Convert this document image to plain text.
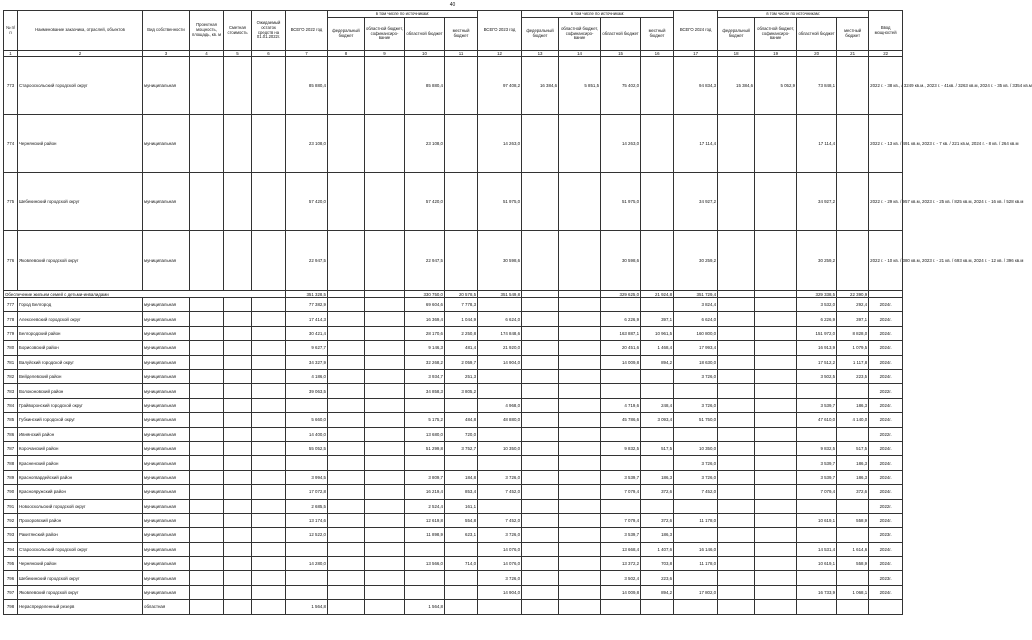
40
№ п/п	Наименование заказчика, отраслей, объектов	Вид собственности	Проектная мощность, площадь, кв. м	Сметная стоимость	Ожидаемый остаток средств на 01.01.2022г.	ВСЕГО 2022 год	в том числе по источникам:				ВСЕГО 2023 год	в том числе по источникам:				ВСЕГО 2024 год	в том числе по источникам:				Ввод мощностей
							федеральный бюджет	областной бюджет, софинансиро-вание	областной бюджет	местный бюджет		федеральный бюджет	областной бюджет, софинансиро-вание	областной бюджет	местный бюджет		федеральный бюджет	областной бюджет, софинансиро-вание	областной бюджет	местный бюджет	
1	2	3	4	5	6	7	8	9	10	11	12	13	14	15	16	17	18	19	20	21	22
773	Старооскольский городской округ	муниципальная				85 880,4			85 880,4		97 408,2	16 384,6	5 851,5	75 402,0		94 834,3	15 384,6	5 052,9	73 848,1		2022 г. - 38 кв., / 3249 кв.м., 2023 г. - 41кв. / 3263 кв.м, 2024 г. - 35 кв. / 3354 кв.м
774	Чернянский район	муниципальная				23 108,0			23 108,0		14 263,0			14 263,0		17 114,4			17 114,4		2022 г. - 13 кв. / 491 кв.м, 2023 г. - 7 кв. / 221 кв.м, 2024 г. - 8 кв. / 264 кв.м
775	Шебекинский городской округ	муниципальная				57 420,0			57 420,0		51 975,0			51 975,0		34 927,2			34 927,2		2022 г. - 29 кв. / 957 кв.м, 2023 г. - 25 кв. / 825 кв.м, 2024 г. - 16 кв. / 528 кв.м
776	Яковлевский городской округ	муниципальная				22 947,5			22 947,5		30 598,6			30 598,6		30 259,2			30 259,2		2022 г. - 10 кв. / 380 кв.м, 2023 г. - 21 кв. / 693 кв.м, 2024 г. - 12 кв. / 396 кв.м
Обеспечение жильем семей с детьми-инвалидами						351 328,5			330 750,0	20 578,5	351 549,8			329 625,0	21 924,8	351 729,4			329 338,5	22 390,9	
777	Город Белгород	муниципальная				77 382,9			69 604,6	7 778,3						3 824,4			3 532,0	292,4	2024г.
778	Алексеевский городской округ	муниципальная				17 414,3			16 369,4	1 044,9	6 624,0			6 226,9	397,1	6 624,0			6 226,9	397,1	2024г.
779	Белгородский район	муниципальная				30 421,4			28 170,6	2 250,8	174 848,6			163 887,1	10 961,5	160 800,0			151 972,0	8 828,0	2024г.
780	Борисовский район	муниципальная				9 627,7			9 146,3	481,4	21 920,0			20 451,6	1 468,4	17 993,4			16 913,9	1 079,5	2024г.
781	Валуйский городской округ	муниципальная				34 327,9			32 268,2	2 059,7	14 904,0			14 009,8	894,2	18 630,0			17 512,2	1 117,8	2024г.
782	Вейделевский район	муниципальная				4 186,0			3 934,7	251,3						3 726,0			3 502,5	223,5	2024г.
783	Волоконовский район	муниципальная				39 063,5			34 858,3	3 805,2											2022г.
784	Грайворонский городской округ	муниципальная									4 968,0			4 719,6	248,4	3 726,0			3 539,7	186,3	2024г.
785	Губкинский городской округ	муниципальная				5 660,0			5 175,2	484,8	48 880,0			45 786,6	3 093,4	51 750,0			47 610,0	4 140,0	2024г.
786	Ивнянский район	муниципальная				14 400,0			13 680,0	720,0											2022г.
787	Корочанский район	муниципальная				55 052,5			51 299,8	3 752,7	10 350,0			9 832,5	517,5	10 350,0			9 832,5	517,5	2024г.
788	Красненский район	муниципальная														3 726,0			3 539,7	186,3	2024г.
789	Красногвардейский район	муниципальная				3 994,5			3 809,7	184,8	3 726,0			3 539,7	186,3	3 726,0			3 539,7	186,3	2024г.
790	Краснояружский район	муниципальная				17 072,8			16 219,4	853,4	7 452,0			7 079,4	372,6	7 452,0			7 079,4	372,6	2024г.
791	Новооскольский городской округ	муниципальная				2 685,5			2 524,4	161,1											2022г.
792	Прохоровский район	муниципальная				13 174,6			12 619,8	554,8	7 452,0			7 079,4	372,6	11 178,0			10 619,1	558,9	2024г.
793	Ракитянский район	муниципальная				12 522,0			11 898,9	623,1	3 726,0			3 539,7	186,3						2023г.
794	Старооскольский городской округ	муниципальная									14 076,0			13 668,4	1 407,6	16 146,0			14 531,4	1 614,6	2024г.
795	Чернянский район	муниципальная				14 280,0			13 566,0	714,0	14 076,0			13 372,2	703,8	11 178,0			10 619,1	558,9	2024г.
796	Шебекинский городской округ	муниципальная									3 726,0			3 502,4	223,6						2023г.
797	Яковлевский городской округ	муниципальная									14 904,0			14 009,8	894,2	17 802,0			16 733,9	1 068,1	2024г.
798	Нераспределенный резерв	областная				1 564,8			1 564,8												
